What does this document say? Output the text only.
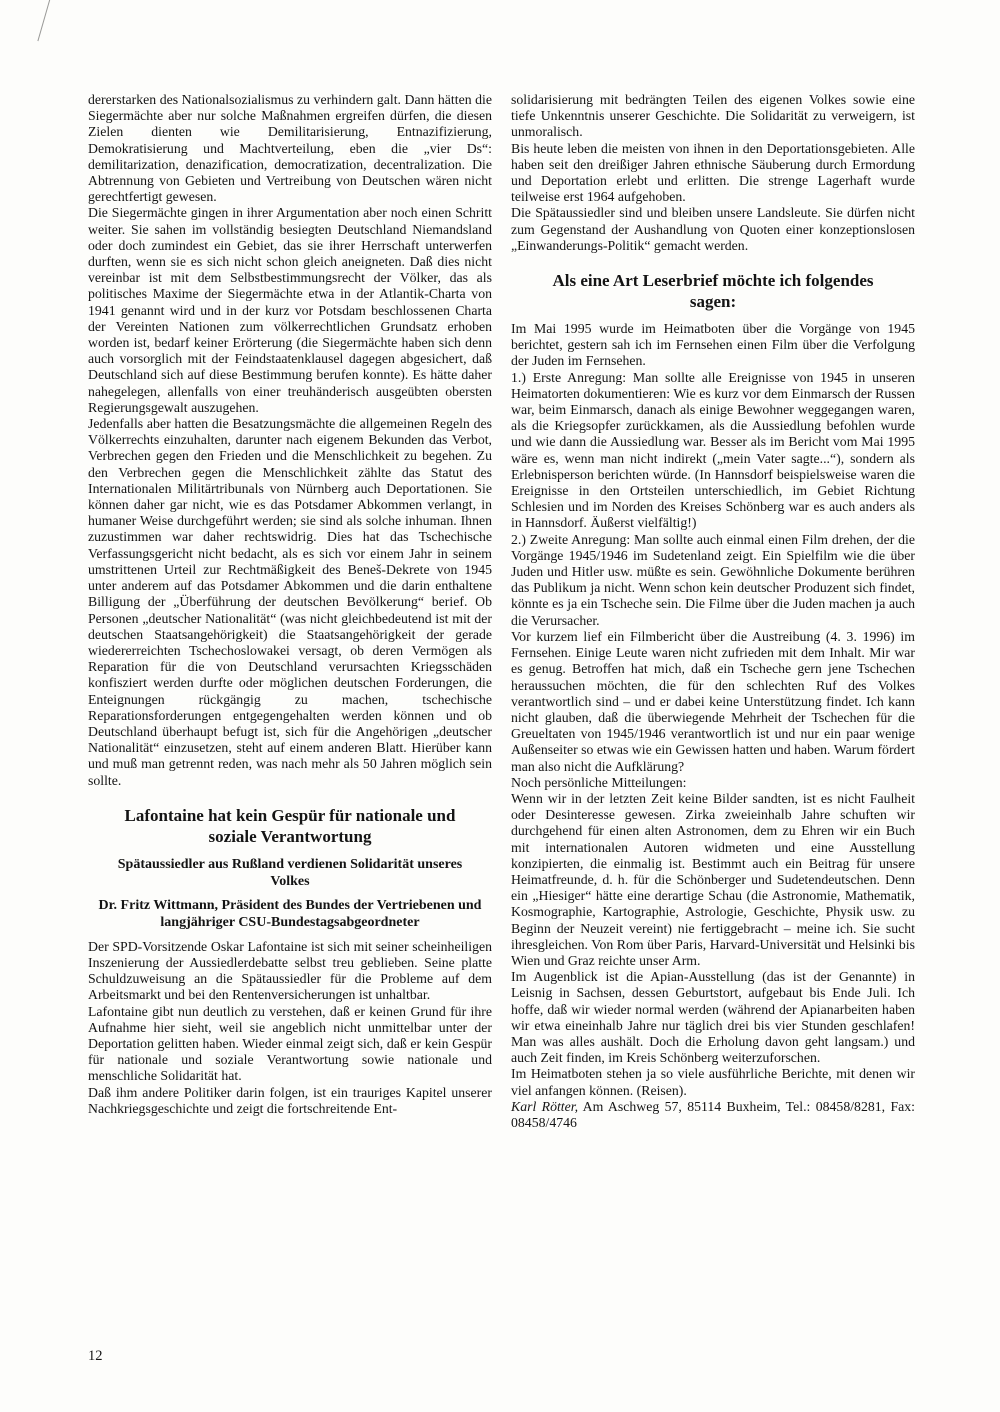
dererstarken des Nationalsozialismus zu verhindern galt. Dann hätten die Siegermächte aber nur solche Maßnahmen ergreifen dürfen, die diesen Zielen dienten wie Demilitarisierung, Entnazifizierung, Demokratisierung und Machtverteilung, eben die „vier Ds“: demilitarization, denazification, democratization, decentralization. Die Abtrennung von Gebieten und Vertreibung von Deutschen wären nicht gerechtfertigt gewesen.

Die Siegermächte gingen in ihrer Argumentation aber noch einen Schritt weiter. Sie sahen im vollständig besiegten Deutschland Niemandsland oder doch zumindest ein Gebiet, das sie ihrer Herrschaft unterwerfen durften, wenn sie es sich nicht schon gleich aneigneten. Daß dies nicht vereinbar ist mit dem Selbstbestimmungsrecht der Völker, das als politisches Maxime der Siegermächte etwa in der Atlantik-Charta von 1941 genannt wird und in der kurz vor Potsdam beschlossenen Charta der Vereinten Nationen zum völkerrechtlichen Grundsatz erhoben worden ist, bedarf keiner Erörterung (die Siegermächte haben sich denn auch vorsorglich mit der Feindstaatenklausel dagegen abgesichert, daß Deutschland sich auf diese Bestimmung berufen konnte). Es hätte daher nahegelegen, allenfalls von einer treuhänderisch ausgeübten obersten Regierungsgewalt auszugehen.

Jedenfalls aber hatten die Besatzungsmächte die allgemeinen Regeln des Völkerrechts einzuhalten, darunter nach eigenem Bekunden das Verbot, Verbrechen gegen den Frieden und die Menschlichkeit zu begehen. Zu den Verbrechen gegen die Menschlichkeit zählte das Statut des Internationalen Militärtribunals von Nürnberg auch Deportationen. Sie können daher gar nicht, wie es das Potsdamer Abkommen verlangt, in humaner Weise durchgeführt werden; sie sind als solche inhuman. Ihnen zuzustimmen war daher rechtswidrig. Dies hat das Tschechische Verfassungsgericht nicht bedacht, als es sich vor einem Jahr in seinem umstrittenen Urteil zur Rechtmäßigkeit des Beneš-Dekrete von 1945 unter anderem auf das Potsdamer Abkommen und die darin enthaltene Billigung der „Überführung der deutschen Bevölkerung“ berief. Ob Personen „deutscher Nationalität“ (was nicht gleichbedeutend ist mit der deutschen Staatsangehörigkeit) die Staatsangehörigkeit der gerade wiedererreichten Tschechoslowakei versagt, ob deren Vermögen als Reparation für die von Deutschland verursachten Kriegsschäden konfisziert werden durfte oder möglichen deutschen Forderungen, die Enteignungen rückgängig zu machen, tschechische Reparationsforderungen entgegengehalten werden können und ob Deutschland überhaupt befugt ist, sich für die Angehörigen „deutscher Nationalität“ einzusetzen, steht auf einem anderen Blatt. Hierüber kann und muß man getrennt reden, was nach mehr als 50 Jahren möglich sein sollte.

Lafontaine hat kein Gespür für nationale und soziale Verantwortung
Spätaussiedler aus Rußland verdienen Solidarität unseres Volkes
Dr. Fritz Wittmann, Präsident des Bundes der Vertriebenen und langjähriger CSU-Bundestagsabgeordneter

Der SPD-Vorsitzende Oskar Lafontaine ist sich mit seiner scheinheiligen Inszenierung der Aussiedlerdebatte selbst treu geblieben. Seine platte Schuldzuweisung an die Spätaussiedler für die Probleme auf dem Arbeitsmarkt und bei den Rentenversicherungen ist unhaltbar.

Lafontaine gibt nun deutlich zu verstehen, daß er keinen Grund für ihre Aufnahme hier sieht, weil sie angeblich nicht unmittelbar unter der Deportation gelitten haben. Wieder einmal zeigt sich, daß er kein Gespür für nationale und soziale Verantwortung sowie nationale und menschliche Solidarität hat.

Daß ihm andere Politiker darin folgen, ist ein trauriges Kapitel unserer Nachkriegsgeschichte und zeigt die fortschreitende Ent-

solidarisierung mit bedrängten Teilen des eigenen Volkes sowie eine tiefe Unkenntnis unserer Geschichte. Die Solidarität zu verweigern, ist unmoralisch.

Bis heute leben die meisten von ihnen in den Deportationsgebieten. Alle haben seit den dreißiger Jahren ethnische Säuberung durch Ermordung und Deportation erlebt und erlitten. Die strenge Lagerhaft wurde teilweise erst 1964 aufgehoben.

Die Spätaussiedler sind und bleiben unsere Landsleute. Sie dürfen nicht zum Gegenstand der Aushandlung von Quoten einer konzeptionslosen „Einwanderungs-Politik“ gemacht werden.

Als eine Art Leserbrief möchte ich folgendes sagen:

Im Mai 1995 wurde im Heimatboten über die Vorgänge von 1945 berichtet, gestern sah ich im Fernsehen einen Film über die Verfolgung der Juden im Fernsehen.

1.) Erste Anregung: Man sollte alle Ereignisse von 1945 in unseren Heimatorten dokumentieren: Wie es kurz vor dem Einmarsch der Russen war, beim Einmarsch, danach als einige Bewohner weggegangen waren, als die Kriegsopfer zurückkamen, als die Aussiedlung befohlen wurde und wie dann die Aussiedlung war. Besser als im Bericht vom Mai 1995 wäre es, wenn man nicht indirekt („mein Vater sagte...“), sondern als Erlebnisperson berichten würde. (In Hannsdorf beispielsweise waren die Ereignisse in den Ortsteilen unterschiedlich, im Gebiet Richtung Schlesien und im Norden des Kreises Schönberg war es auch anders als in Hannsdorf. Äußerst vielfältig!)

2.) Zweite Anregung: Man sollte auch einmal einen Film drehen, der die Vorgänge 1945/1946 im Sudetenland zeigt. Ein Spielfilm wie die über Juden und Hitler usw. müßte es sein. Gewöhnliche Dokumente berühren das Publikum ja nicht. Wenn schon kein deutscher Produzent sich findet, könnte es ja ein Tscheche sein. Die Filme über die Juden machen ja auch die Verursacher.

Vor kurzem lief ein Filmbericht über die Austreibung (4. 3. 1996) im Fernsehen. Einige Leute waren nicht zufrieden mit dem Inhalt. Mir war es genug. Betroffen hat mich, daß ein Tscheche gern jene Tschechen heraussuchen möchten, die für den schlechten Ruf des Volkes verantwortlich sind – und er dabei keine Unterstützung findet. Ich kann nicht glauben, daß die überwiegende Mehrheit der Tschechen für die Greueltaten von 1945/1946 verantwortlich ist und nur ein paar wenige Außenseiter so etwas wie ein Gewissen hatten und haben. Warum fördert man also nicht die Aufklärung?

Noch persönliche Mitteilungen:

Wenn wir in der letzten Zeit keine Bilder sandten, ist es nicht Faulheit oder Desinteresse gewesen. Zirka zweieinhalb Jahre schuften wir durchgehend für einen alten Astronomen, dem zu Ehren wir ein Buch mit internationalen Autoren widmeten und eine Ausstellung konzipierten, die einmalig ist. Bestimmt auch ein Beitrag für unsere Heimatfreunde, d. h. für die Schönberger und Sudetendeutschen. Denn ein „Hiesiger“ hätte eine derartige Schau (die Astronomie, Mathematik, Kosmographie, Kartographie, Astrologie, Geschichte, Physik usw. zu Beginn der Neuzeit vereint) nie fertiggebracht – meine ich. Sie sucht ihresgleichen. Von Rom über Paris, Harvard-Universität und Helsinki bis Wien und Graz reichte unser Arm.

Im Augenblick ist die Apian-Ausstellung (das ist der Genannte) in Leisnig in Sachsen, dessen Geburtstort, aufgebaut bis Ende Juli. Ich hoffe, daß wir wieder normal werden (während der Apianarbeiten haben wir etwa eineinhalb Jahre nur täglich drei bis vier Stunden geschlafen! Man was alles aushält. Doch die Erholung davon geht langsam.) und auch Zeit finden, im Kreis Schönberg weiterzuforschen.

Im Heimatboten stehen ja so viele ausführliche Berichte, mit denen wir viel anfangen können. (Reisen).

Karl Rötter, Am Aschweg 57, 85114 Buxheim, Tel.: 08458/8281, Fax: 08458/4746

12
